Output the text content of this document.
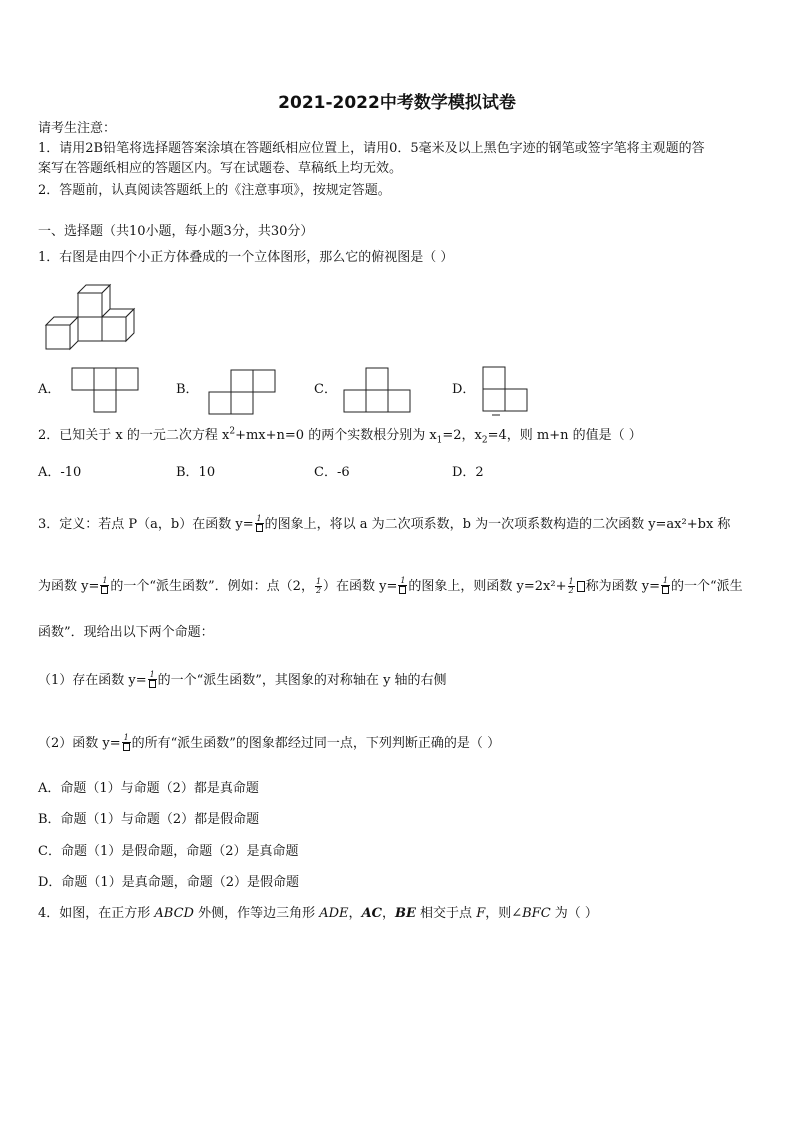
2021-2022中考数学模拟试卷
请考生注意：
1．请用2B铅笔将选择题答案涂填在答题纸相应位置上，请用0．5毫米及以上黑色字迹的钢笔或签字笔将主观题的答
案写在答题纸相应的答题区内。写在试题卷、草稿纸上均无效。
2．答题前，认真阅读答题纸上的《注意事项》，按规定答题。
一、选择题（共10小题，每小题3分，共30分）
1．右图是由四个小正方体叠成的一个立体图形，那么它的俯视图是（ ）
A．	B．	C．	D．
2．已知关于 x 的一元二次方程 $x^2+mx+n=0$ 的两个实数根分别为 $x_1=2$，$x_2=4$，则 m+n 的值是（ ）
A．-10	B．10	C．-6	D．2
3．定义：若点 P（a，b）在函数 y= 1 的图象上，将以 a 为二次项系数，b 为一次项系数构造的二次函数 y=ax²+bx 称
为函数 y= 1 的一个“派生函数”．例如：点（2， $\frac{1}{2}$ ）在函数 y= 1 的图象上，则函数 $y=2x^2+ \frac{1}{2}$ 称为函数 y= 1 的一个“派生
函数”．现给出以下两个命题：
（1）存在函数 y= 1 的一个“派生函数”，其图象的对称轴在 y 轴的右侧
（2）函数 y= 1 的所有“派生函数”的图象都经过同一点，下列判断正确的是（ ）
A．命题（1）与命题（2）都是真命题
B．命题（1）与命题（2）都是假命题
C．命题（1）是假命题，命题（2）是真命题
D．命题（1）是真命题，命题（2）是假命题
4．如图，在正方形 ABCD 外侧，作等边三角形 ADE，AC，BE 相交于点 F，则∠BFC 为（ ）
